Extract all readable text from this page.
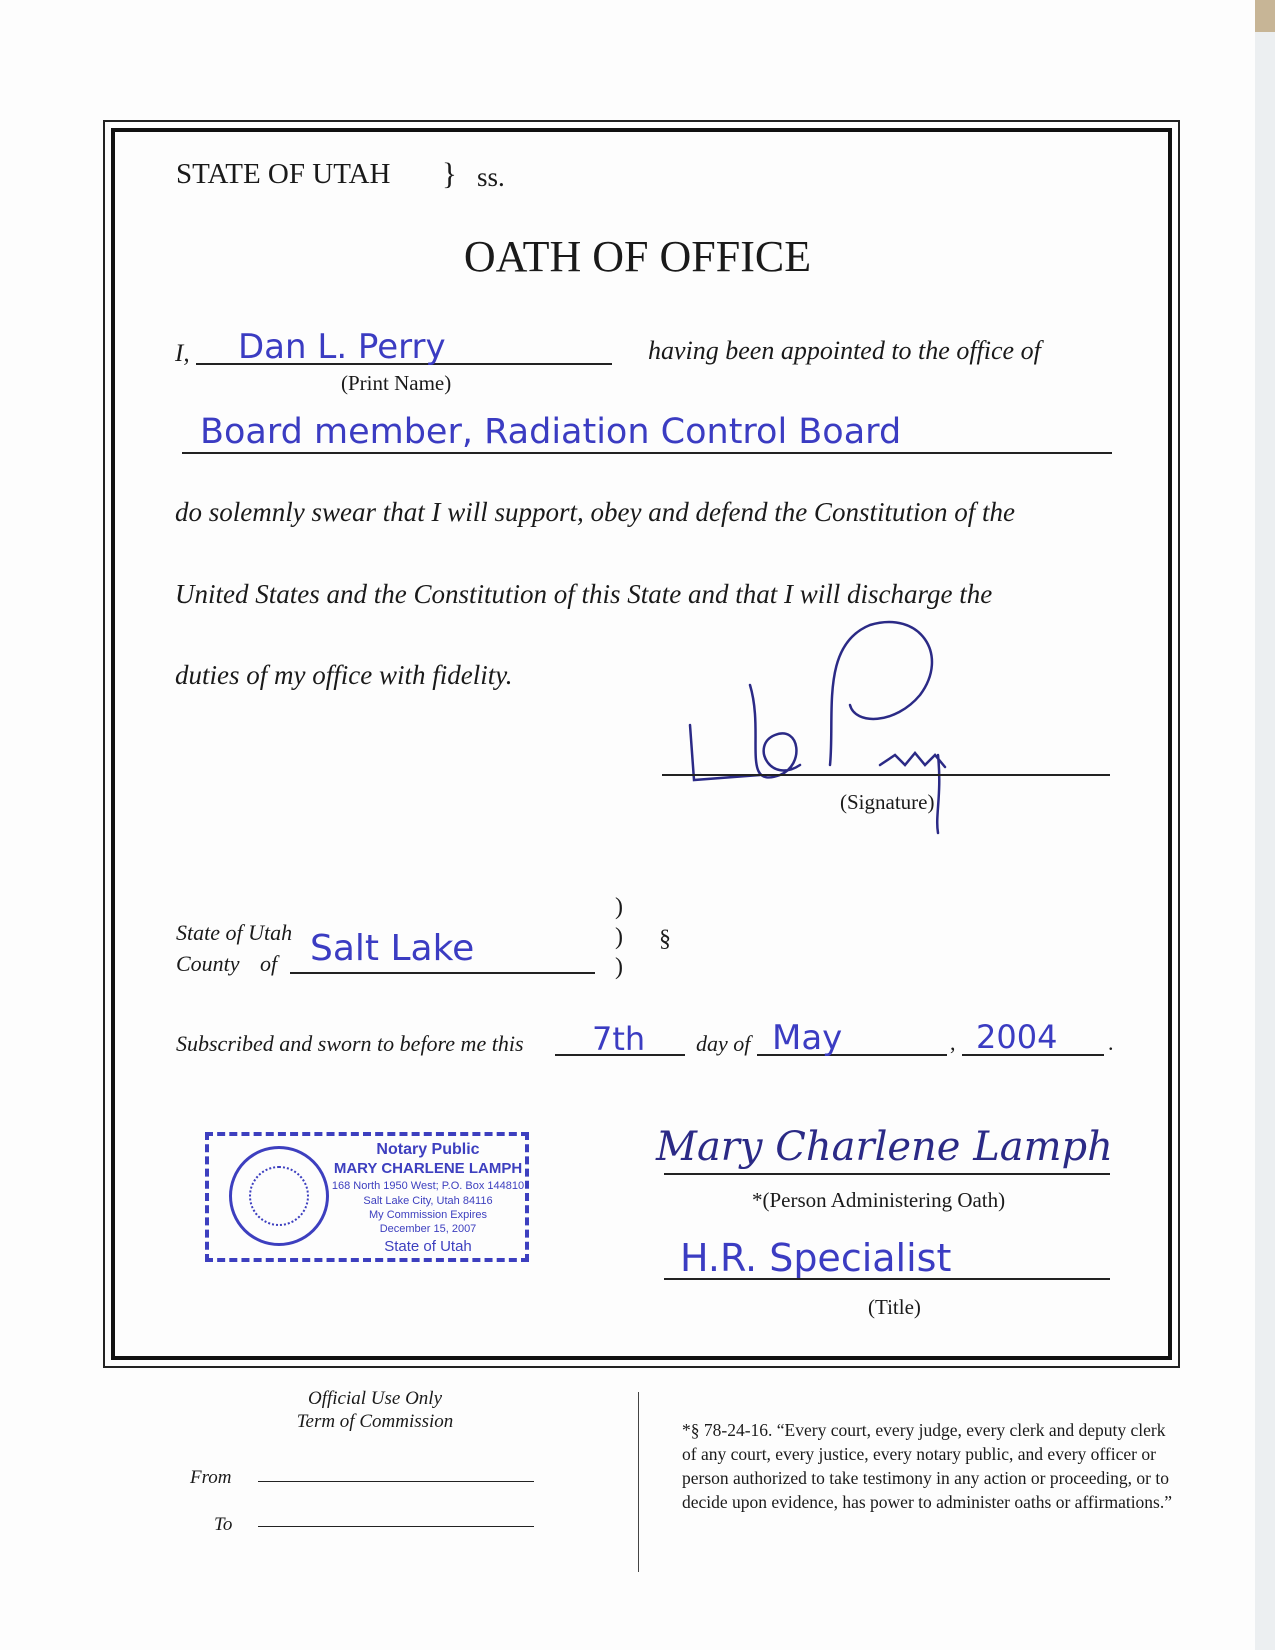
STATE OF UTAH } ss.
OATH OF OFFICE
I, Dan L. Perry
(Print Name)
having been appointed to the office of
Board member, Radiation Control Board
do solemnly swear that I will support, obey and defend the Constitution of the
United States and the Constitution of this State and that I will discharge the
duties of my office with fidelity.
(Signature)
State of Utah
County of Salt Lake
)
)
)
§
Subscribed and sworn to before me this 7th day of May	, 2004 .
Notary Public
MARY CHARLENE LAMPH
168 North 1950 West; P.O. Box 144810
Salt Lake City, Utah 84116
My Commission Expires
December 15, 2007
State of Utah
Mary Charlene Lamph
*(Person Administering Oath)
H.R. Specialist
(Title)
Official Use Only
Term of Commission
From
To
*§ 78-24-16. “Every court, every judge, every clerk and deputy clerk of any court, every justice, every notary public, and every officer or person authorized to take testimony in any action or proceeding, or to decide upon evidence, has power to administer oaths or affirmations.”
